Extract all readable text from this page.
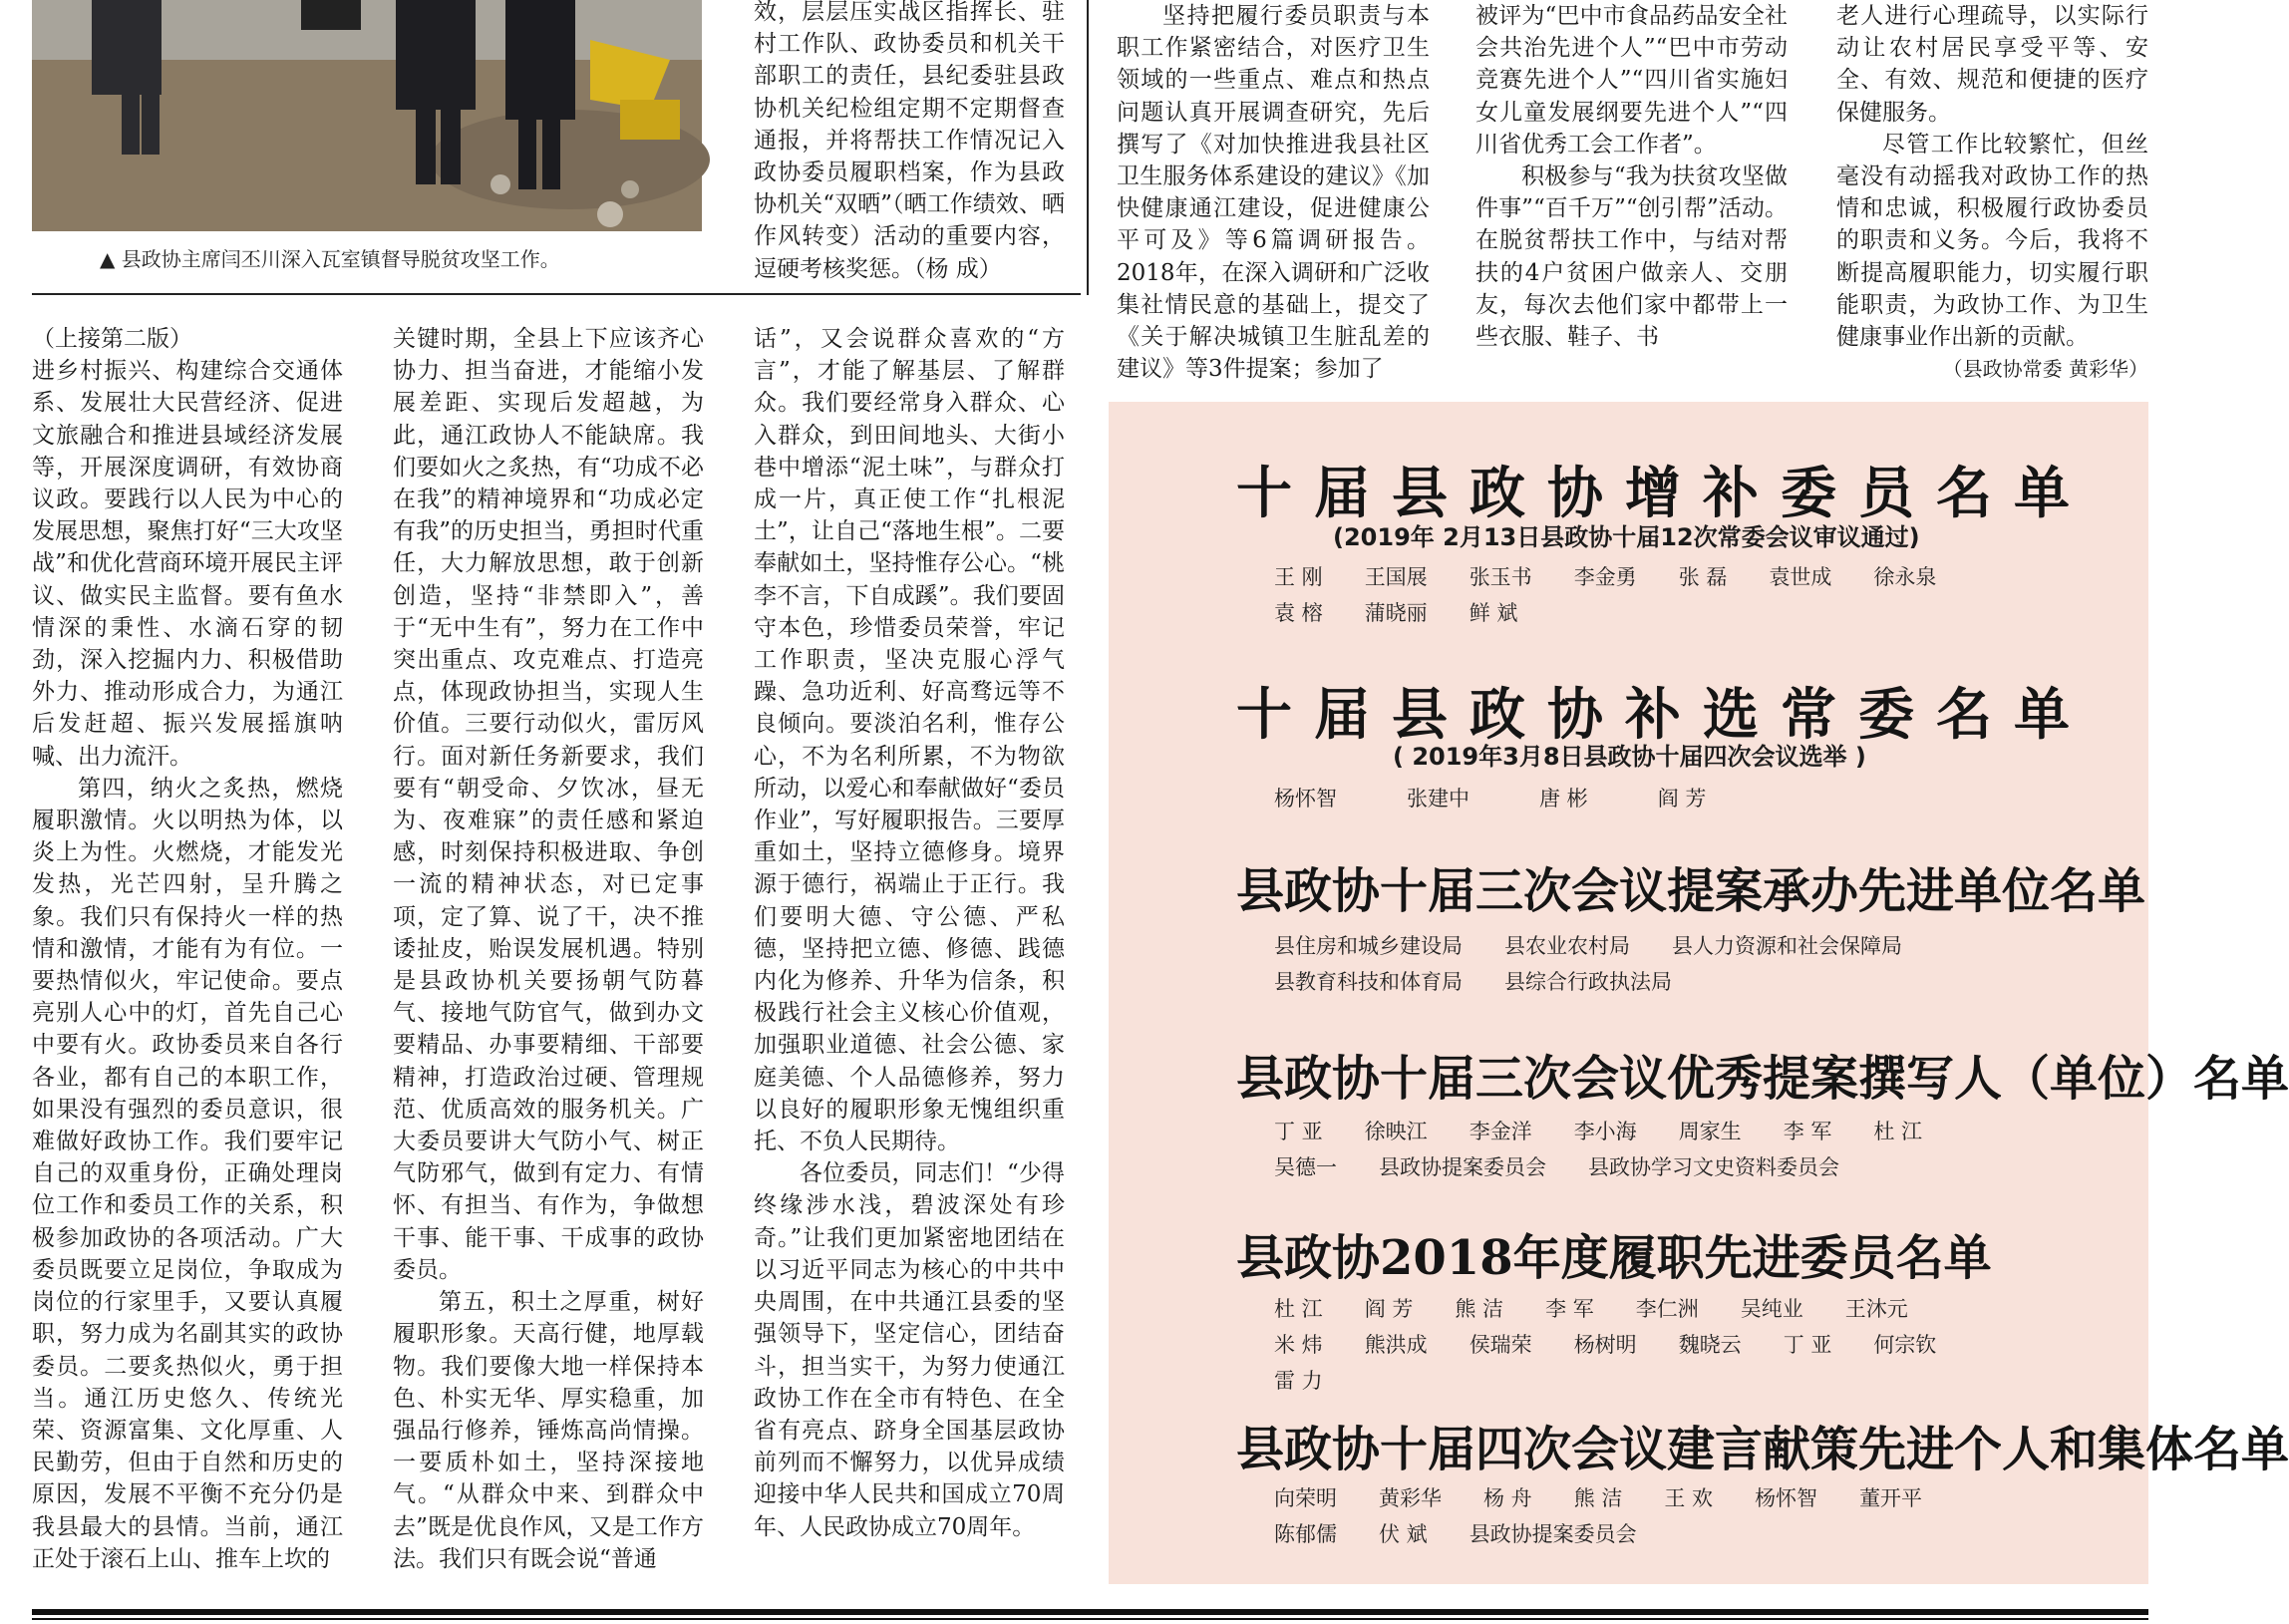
▲ 县政协主席闫丕川深入瓦室镇督导脱贫攻坚工作。

效，层层压实战区指挥长、驻村工作队、政协委员和机关干部职工的责任，县纪委驻县政协机关纪检组定期不定期督查通报，并将帮扶工作情况记入政协委员履职档案，作为县政协机关“双晒”（晒工作绩效、晒作风转变）活动的重要内容，逗硬考核奖惩。（杨 成）

坚持把履行委员职责与本职工作紧密结合，对医疗卫生领域的一些重点、难点和热点问题认真开展调查研究，先后撰写了《对加快推进我县社区卫生服务体系建设的建议》《加快健康通江建设，促进健康公平可及》等6篇调研报告。2018年，在深入调研和广泛收集社情民意的基础上，提交了《关于解决城镇卫生脏乱差的建议》等3件提案；参加了

被评为“巴中市食品药品安全社会共治先进个人”“巴中市劳动竞赛先进个人”“四川省实施妇女儿童发展纲要先进个人”“四川省优秀工会工作者”。

积极参与“我为扶贫攻坚做件事”“百千万”“创引帮”活动。在脱贫帮扶工作中，与结对帮扶的4户贫困户做亲人、交朋友，每次去他们家中都带上一些衣服、鞋子、书

老人进行心理疏导，以实际行动让农村居民享受平等、安全、有效、规范和便捷的医疗保健服务。

尽管工作比较繁忙，但丝毫没有动摇我对政协工作的热情和忠诚，积极履行政协委员的职责和义务。今后，我将不断提高履职能力，切实履行职能职责，为政协工作、为卫生健康事业作出新的贡献。

（县政协常委 黄彩华）

（上接第二版）

进乡村振兴、构建综合交通体系、发展壮大民营经济、促进文旅融合和推进县域经济发展等，开展深度调研，有效协商议政。要践行以人民为中心的发展思想，聚焦打好“三大攻坚战”和优化营商环境开展民主评议、做实民主监督。要有鱼水情深的秉性、水滴石穿的韧劲，深入挖掘内力、积极借助外力、推动形成合力，为通江后发赶超、振兴发展摇旗呐喊、出力流汗。

第四，纳火之炙热，燃烧履职激情。火以明热为体，以炎上为性。火燃烧，才能发光发热，光芒四射，呈升腾之象。我们只有保持火一样的热情和激情，才能有为有位。一要热情似火，牢记使命。要点亮别人心中的灯，首先自己心中要有火。政协委员来自各行各业，都有自己的本职工作，如果没有强烈的委员意识，很难做好政协工作。我们要牢记自己的双重身份，正确处理岗位工作和委员工作的关系，积极参加政协的各项活动。广大委员既要立足岗位，争取成为岗位的行家里手，又要认真履职，努力成为名副其实的政协委员。二要炙热似火，勇于担当。通江历史悠久、传统光荣、资源富集、文化厚重、人民勤劳，但由于自然和历史的原因，发展不平衡不充分仍是我县最大的县情。当前，通江正处于滚石上山、推车上坎的

关键时期，全县上下应该齐心协力、担当奋进，才能缩小发展差距、实现后发超越，为此，通江政协人不能缺席。我们要如火之炙热，有“功成不必在我”的精神境界和“功成必定有我”的历史担当，勇担时代重任，大力解放思想，敢于创新创造，坚持“非禁即入”，善于“无中生有”，努力在工作中突出重点、攻克难点、打造亮点，体现政协担当，实现人生价值。三要行动似火，雷厉风行。面对新任务新要求，我们要有“朝受命、夕饮冰，昼无为、夜难寐”的责任感和紧迫感，时刻保持积极进取、争创一流的精神状态，对已定事项，定了算、说了干，决不推诿扯皮，贻误发展机遇。特别是县政协机关要扬朝气防暮气、接地气防官气，做到办文要精品、办事要精细、干部要精神，打造政治过硬、管理规范、优质高效的服务机关。广大委员要讲大气防小气、树正气防邪气，做到有定力、有情怀、有担当、有作为，争做想干事、能干事、干成事的政协委员。

第五，积土之厚重，树好履职形象。天高行健，地厚载物。我们要像大地一样保持本色、朴实无华、厚实稳重，加强品行修养，锤炼高尚情操。一要质朴如土，坚持深接地气。“从群众中来、到群众中去”既是优良作风，又是工作方法。我们只有既会说“普通

话”，又会说群众喜欢的“方言”，才能了解基层、了解群众。我们要经常身入群众、心入群众，到田间地头、大街小巷中增添“泥土味”，与群众打成一片，真正使工作“扎根泥土”，让自己“落地生根”。二要奉献如土，坚持惟存公心。“桃李不言，下自成蹊”。我们要固守本色，珍惜委员荣誉，牢记工作职责，坚决克服心浮气躁、急功近利、好高骛远等不良倾向。要淡泊名利，惟存公心，不为名利所累，不为物欲所动，以爱心和奉献做好“委员作业”，写好履职报告。三要厚重如土，坚持立德修身。境界源于德行，祸端止于正行。我们要明大德、守公德、严私德，坚持把立德、修德、践德内化为修养、升华为信条，积极践行社会主义核心价值观，加强职业道德、社会公德、家庭美德、个人品德修养，努力以良好的履职形象无愧组织重托、不负人民期待。

各位委员，同志们！“少得终缘涉水浅，碧波深处有珍奇。”让我们更加紧密地团结在以习近平同志为核心的中共中央周围，在中共通江县委的坚强领导下，坚定信心，团结奋斗，担当实干，为努力使通江政协工作在全市有特色、在全省有亮点、跻身全国基层政协前列而不懈努力，以优异成绩迎接中华人民共和国成立70周年、人民政协成立70周年。

十届县政协增补委员名单
(2019年 2月13日县政协十届12次常委会议审议通过)
王 刚 王国展 张玉书 李金勇 张 磊 袁世成 徐永泉
袁 榕 蒲晓丽 鲜 斌
十届县政协补选常委名单
( 2019年3月8日县政协十届四次会议选举 )
杨怀智	张建中	唐 彬	阎 芳
县政协十届三次会议提案承办先进单位名单
县住房和城乡建设局 县农业农村局 县人力资源和社会保障局
县教育科技和体育局 县综合行政执法局
县政协十届三次会议优秀提案撰写人（单位）名单
丁 亚 徐映江 李金洋 李小海 周家生 李 军 杜 江
吴德一 县政协提案委员会 县政协学习文史资料委员会
县政协2018年度履职先进委员名单
杜 江 阎 芳 熊 洁 李 军 李仁洲 吴纯业 王沐元
米 炜 熊洪成 侯瑞荣 杨树明 魏晓云 丁 亚 何宗钦
雷 力
县政协十届四次会议建言献策先进个人和集体名单
向荣明 黄彩华 杨 舟 熊 洁 王 欢 杨怀智 董开平
陈郁儒 伏 斌 县政协提案委员会
